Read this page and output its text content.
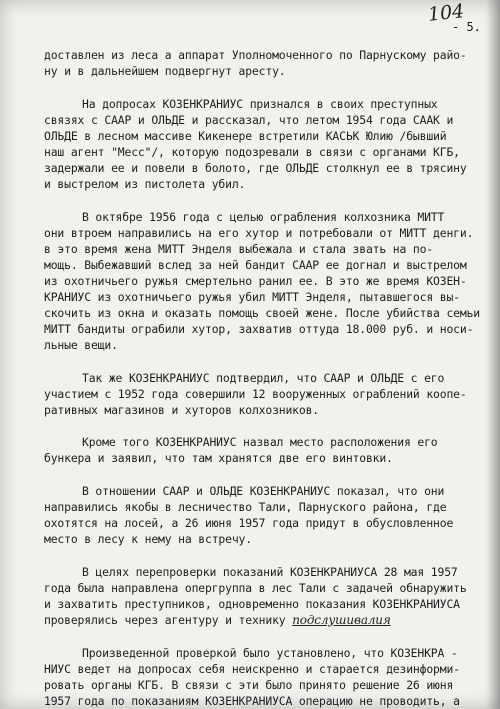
104
- 5.
доставлен из леса а аппарат Уполномоченного по Парнускому райо-
ну и в дальнейшем подвергнут аресту.
На допросах КОЗЕНКРАНИУС признался в своих преступных
связях с СААР и ОЛЬДЕ и рассказал, что летом 1954 года СААК и
ОЛЬДЕ в лесном массиве Кикенере встретили КАСЬК Юлию /бывший
наш агент "Месс"/, которую подозревали в связи с органами КГБ,
задержали ее и повели в болото, где ОЛЬДЕ столкнул ее в трясину
и выстрелом из пистолета убил.
В октябре 1956 года с целью ограбления колхозника МИТТ
они втроем направились на его хутор и потребовали от МИТТ денги.
в это время жена МИТТ Энделя выбежала и стала звать на по-
мощь. Выбежавший вслед за ней бандит СААР ее догнал и выстрелом
из охотничьего ружья смертельно ранил ее. В это же время КОЗЕН-
КРАНИУС из охотничьего ружья убил МИТТ Энделя, пытавшегося вы-
скочить из окна и оказать помощь своей жене. После убийства семьи
МИТТ бандиты ограбили хутор, захватив оттуда 18.000 руб. и носи-
льные вещи.
Так же КОЗЕНКРАНИУС подтвердил, что СААР и ОЛЬДЕ с его
участием с 1952 года совершили 12 вооруженных ограблений коопе-
ративных магазинов и хуторов колхозников.
Кроме того КОЗЕНКРАНИУС назвал место расположения его
бункера и заявил, что там хранятся две его винтовки.
В отношении СААР и ОЛЬДЕ КОЗЕНКРАНИУС показал, что они
направились якобы в лесничество Тали, Парнуского района, где
охотятся на лосей, а 26 июня 1957 года придут в обусловленное
место в лесу к нему на встречу.
В целях перепроверки показаний КОЗЕНКРАНИУСА 28 мая 1957
года была направлена опергруппа в лес Тали с задачей обнаружить
и захватить преступников, одновременно показания КОЗЕНКРАНИУСА
проверялись через агентуру и технику подслушивалия
Произведенной проверкой было установлено, что КОЗЕНКРА -
НИУС ведет на допросах себя неискренно и старается дезинформи-
ровать органы КГБ. В связи с эти было принято решение 26 июня
1957 года по показаниям КОЗЕНКРАНИУСА операцию не проводить, а
